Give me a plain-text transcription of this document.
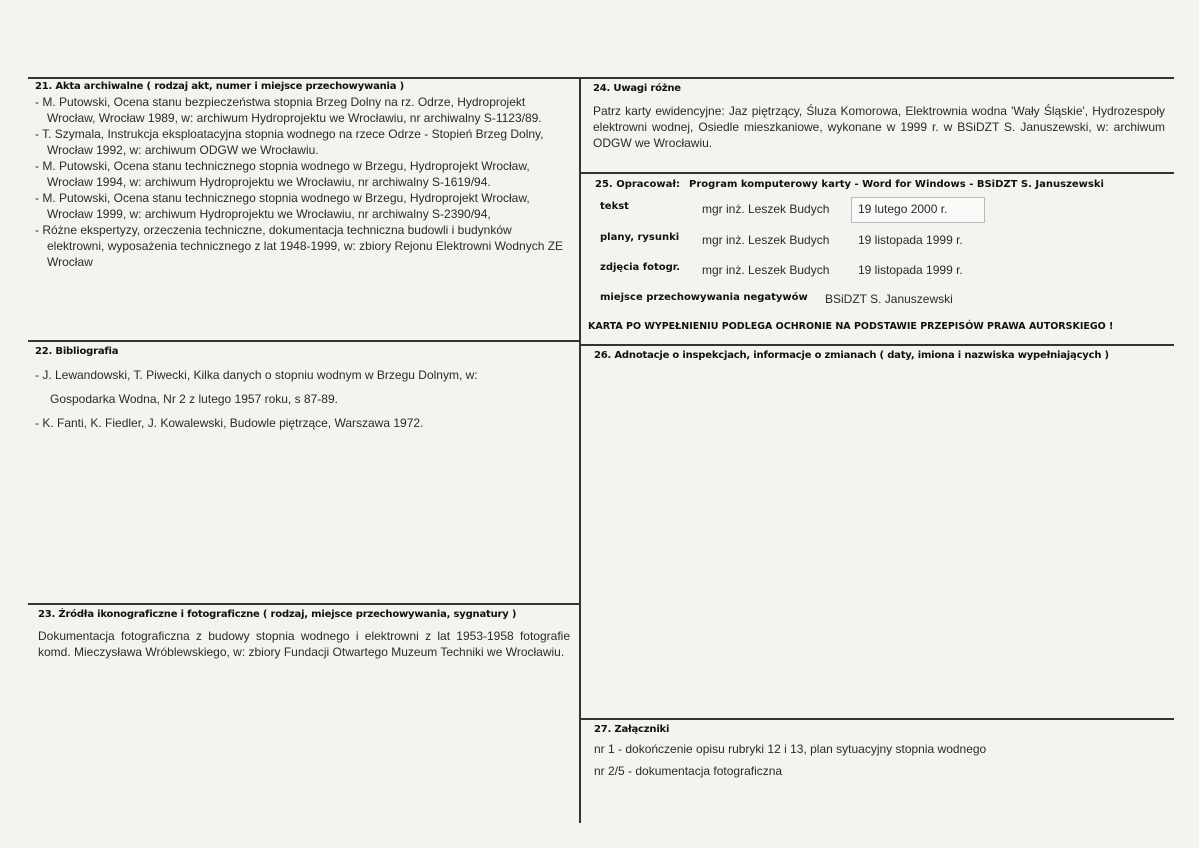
21. Akta archiwalne ( rodzaj akt, numer i miejsce przechowywania )

- M. Putowski, Ocena stanu bezpieczeństwa stopnia Brzeg Dolny na rz. Odrze, Hydroprojekt Wrocław, Wrocław 1989, w: archiwum Hydroprojektu we Wrocławiu, nr archiwalny S-1123/89.

- T. Szymala, Instrukcja eksploatacyjna stopnia wodnego na rzece Odrze - Stopień Brzeg Dolny, Wrocław 1992, w: archiwum ODGW we Wrocławiu.

- M. Putowski, Ocena stanu technicznego stopnia wodnego w Brzegu, Hydroprojekt Wrocław, Wrocław 1994, w: archiwum Hydroprojektu we Wrocławiu, nr archiwalny S-1619/94.

- M. Putowski, Ocena stanu technicznego stopnia wodnego w Brzegu, Hydroprojekt Wrocław, Wrocław 1999, w: archiwum Hydroprojektu we Wrocławiu, nr archiwalny S-2390/94,

- Różne ekspertyzy, orzeczenia techniczne, dokumentacja techniczna budowli i budynków elektrowni, wyposażenia technicznego z lat 1948-1999, w: zbiory Rejonu Elektrowni Wodnych ZE Wrocław

22. Bibliografia
- J. Lewandowski, T. Piwecki, Kilka danych o stopniu wodnym w Brzegu Dolnym, w:
Gospodarka Wodna, Nr 2 z lutego 1957 roku, s 87-89.
- K. Fanti, K. Fiedler, J. Kowalewski, Budowle piętrzące, Warszawa 1972.
23. Źródła ikonograficzne i fotograficzne ( rodzaj, miejsce przechowywania, sygnatury )
Dokumentacja fotograficzna z budowy stopnia wodnego i elektrowni z lat 1953-1958 fotografie komd. Mieczysława Wróblewskiego, w: zbiory Fundacji Otwartego Muzeum Techniki we Wrocławiu.
24. Uwagi różne
Patrz karty ewidencyjne: Jaz piętrzący, Śluza Komorowa, Elektrownia wodna 'Wały Śląskie', Hydrozespoły elektrowni wodnej, Osiedle mieszkaniowe, wykonane w 1999 r. w BSiDZT S. Januszewski, w: archiwum ODGW we Wrocławiu.
25. Opracował: Program komputerowy karty - Word for Windows - BSiDZT S. Januszewski
tekst	mgr inż. Leszek Budych 19 lutego 2000 r.
plany, rysunki mgr inż. Leszek Budych 19 listopada 1999 r.
zdjęcia fotogr. mgr inż. Leszek Budych 19 listopada 1999 r.
miejsce przechowywania negatywów BSiDZT S. Januszewski
KARTA PO WYPEŁNIENIU PODLEGA OCHRONIE NA PODSTAWIE PRZEPISÓW PRAWA AUTORSKIEGO !
26. Adnotacje o inspekcjach, informacje o zmianach ( daty, imiona i nazwiska wypełniających )
27. Załączniki
nr 1 - dokończenie opisu rubryki 12 i 13, plan sytuacyjny stopnia wodnego
nr 2/5 - dokumentacja fotograficzna
